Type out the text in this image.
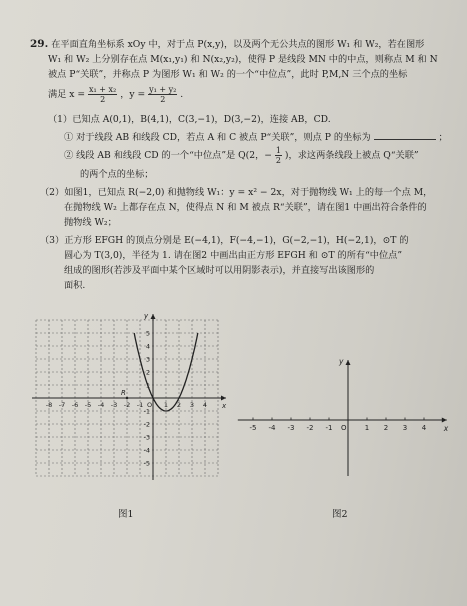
29. 在平面直角坐标系 xOy 中，对于点 P(x,y)，以及两个无公共点的图形 W₁ 和 W₂，若在图形
W₁ 和 W₂ 上分别存在点 M(x₁,y₁) 和 N(x₂,y₂)，使得 P 是线段 MN 中的中点，则称点 M 和 N
被点 P“关联”，并称点 P 为图形 W₁ 和 W₂ 的一个“中位点”，此时 P,M,N 三个点的坐标
满足 $x = \frac{\text{x₁ + x₂}}{2}$ ，$y = \frac{\text{y₁ + y₂}}{2}$ .
（1）已知点 A(0,1)，B(4,1)，C(3,−1)，D(3,−2)，连接 AB，CD.
① 对于线段 AB 和线段 CD，若点 A 和 C 被点 P“关联”，则点 P 的坐标为	；
② 线段 AB 和线段 CD 的一个“中位点”是 Q(2，− $\frac{1}{2}$ )，求这两条线段上被点 Q“关联”
的两个点的坐标；
（2）如图1，已知点 R(−2,0) 和抛物线 W₁：y = x² − 2x，对于抛物线 W₁ 上的每一个点 M，
在抛物线 W₂ 上都存在点 N，使得点 N 和 M 被点 R“关联”，请在图1 中画出符合条件的
抛物线 W₂；
（3）正方形 EFGH 的顶点分别是 E(−4,1)，F(−4,−1)，G(−2,−1)，H(−2,1)，⊙T 的
圆心为 T(3,0)，半径为 1. 请在图2 中画出由正方形 EFGH 和 ⊙T 的所有“中位点”
组成的图形(若涉及平面中某个区域时可以用阴影表示)，并直接写出该图形的
面积.
-8 -7 -6 -5 -4 -3 -2 -1	1 2 3 4
5
4
3
2
1
-1
-2
-3
-4
-5
O	x
y
R
图1
-5 -4 -3 -2 -1	1 2 3 4
O	x
y
图2
